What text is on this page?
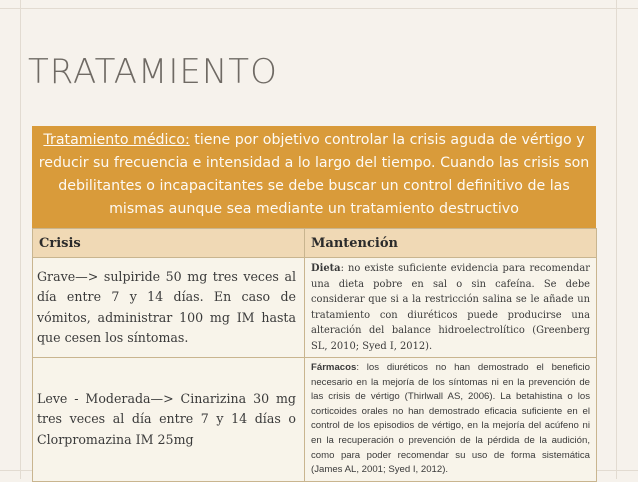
TRATAMIENTO
Tratamiento médico: tiene por objetivo controlar la crisis aguda de vértigo y reducir su frecuencia e intensidad a lo largo del tiempo. Cuando las crisis son debilitantes o incapacitantes se debe buscar un control definitivo de las mismas aunque sea mediante un tratamiento destructivo
Crisis	Mantención
Grave—> sulpiride 50 mg tres veces al día entre 7 y 14 días. En caso de vómitos, administrar 100 mg IM hasta que cesen los síntomas.	Dieta: no existe suficiente evidencia para recomendar una dieta pobre en sal o sin cafeína. Se debe considerar que si a la restricción salina se le añade un tratamiento con diuréticos puede producirse una alteración del balance hidroelectrolítico (Greenberg SL, 2010; Syed I, 2012).
Leve - Moderada—> Cinarizina 30 mg tres veces al día entre 7 y 14 días o Clorpromazina IM 25mg	Fármacos: los diuréticos no han demostrado el beneficio necesario en la mejoría de los síntomas ni en la prevención de las crisis de vértigo (Thirlwall AS, 2006). La betahistina o los corticoides orales no han demostrado eficacia suficiente en el control de los episodios de vértigo, en la mejoría del acúfeno ni en la recuperación o prevención de la pérdida de la audición, como para poder recomendar su uso de forma sistemática (James AL, 2001; Syed I, 2012).
